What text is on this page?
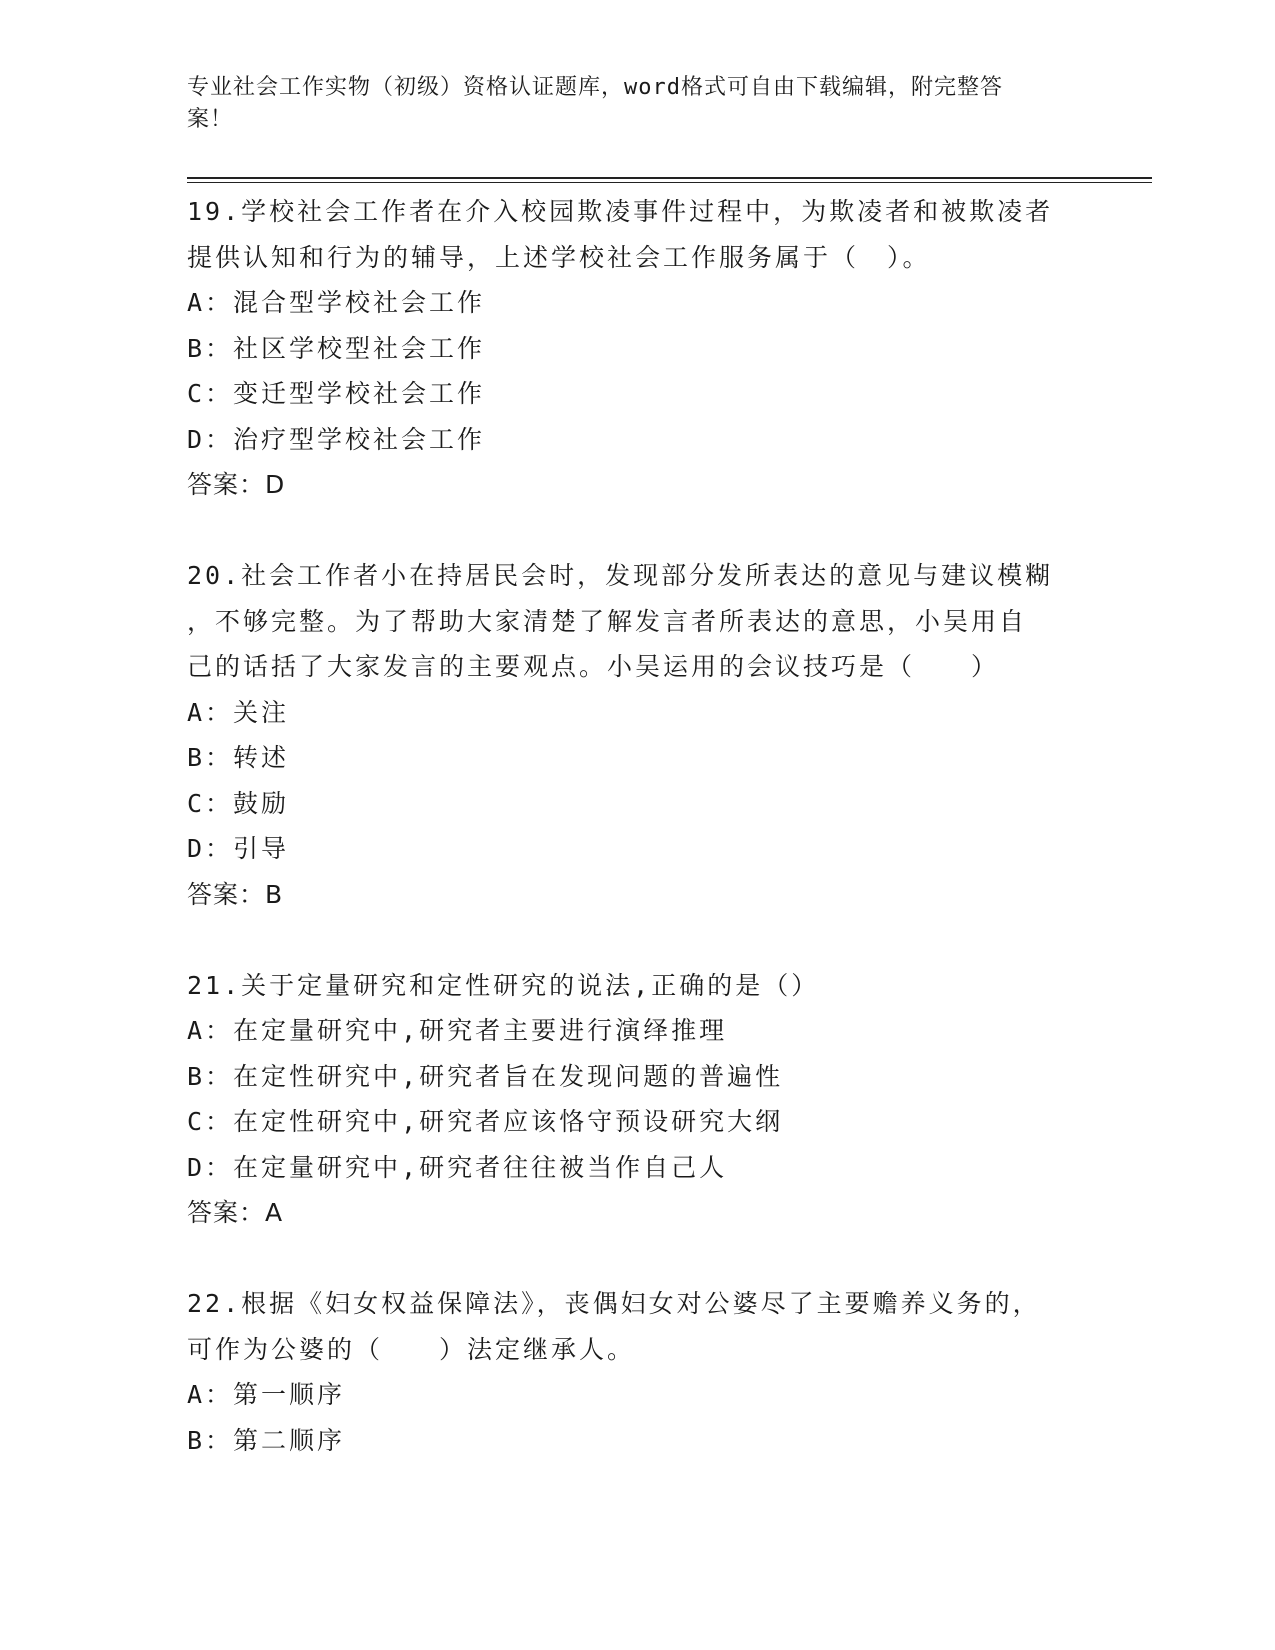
专业社会工作实物（初级）资格认证题库，word格式可自由下载编辑，附完整答
案！
19.学校社会工作者在介入校园欺凌事件过程中，为欺凌者和被欺凌者
提供认知和行为的辅导，上述学校社会工作服务属于（　）。
A：混合型学校社会工作
B：社区学校型社会工作
C：变迁型学校社会工作
D：治疗型学校社会工作
答案：D
20.社会工作者小在持居民会时，发现部分发所表达的意见与建议模糊
，不够完整。为了帮助大家清楚了解发言者所表达的意思，小吴用自
己的话括了大家发言的主要观点。小吴运用的会议技巧是（　　）
A：关注
B：转述
C：鼓励
D：引导
答案：B
21.关于定量研究和定性研究的说法,正确的是（）
A：在定量研究中,研究者主要进行演绎推理
B：在定性研究中,研究者旨在发现问题的普遍性
C：在定性研究中,研究者应该恪守预设研究大纲
D：在定量研究中,研究者往往被当作自己人
答案：A
22.根据《妇女权益保障法》，丧偶妇女对公婆尽了主要赡养义务的，
可作为公婆的（　　）法定继承人。
A：第一顺序
B：第二顺序
